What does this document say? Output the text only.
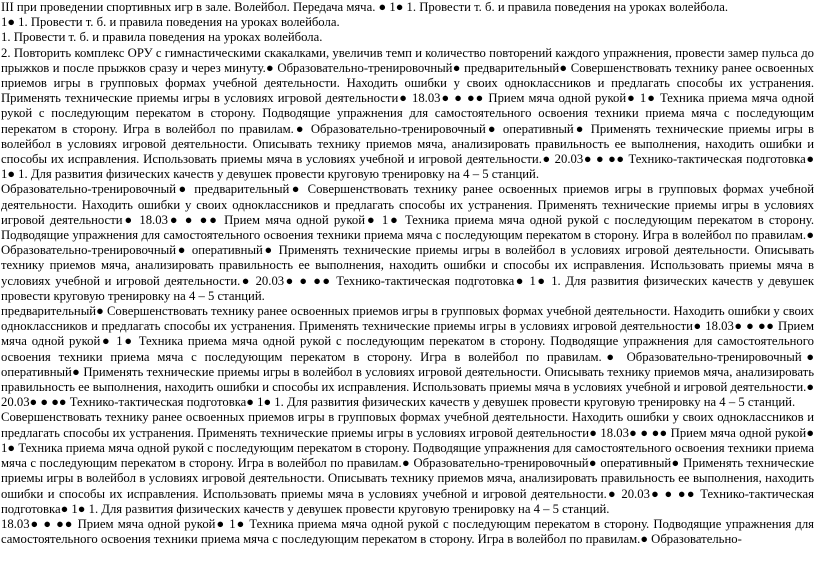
ІІІ при проведении спортивных игр в зале. Волейбол. Передача мяча. ● 1● 1. Провести т. б. и правила поведения на уроках волейбола.

1● 1. Провести т. б. и правила поведения на уроках волейбола.

1. Провести т. б. и правила поведения на уроках волейбола.

2. Повторить комплекс ОРУ с гимнастическими скакалками, увеличив темп и количество повторений каждого упражнения, провести замер пульса до прыжков и после прыжков сразу и через минуту.● Образовательно-тренировочный● предварительный● Совершенствовать технику ранее освоенных приемов игры в групповых формах учебной деятельности. Находить ошибки у своих одноклассников и предлагать способы их устранения. Применять технические приемы игры в условиях игровой деятельности● 18.03● ● ●● Прием мяча одной рукой● 1● Техника приема мяча одной рукой с последующим перекатом в сторону. Подводящие упражнения для самостоятельного освоения техники приема мяча с последующим перекатом в сторону. Игра в волейбол по правилам.● Образовательно-тренировочный● оперативный● Применять технические приемы игры в волейбол в условиях игровой деятельности. Описывать технику приемов мяча, анализировать правильность ее выполнения, находить ошибки и способы их исправления. Использовать приемы мяча в условиях учебной и игровой деятельности.● 20.03● ● ●● Технико-тактическая подготовка● 1● 1. Для развития физических качеств у девушек провести круговую тренировку на 4 – 5 станций.

Образовательно-тренировочный● предварительный● Совершенствовать технику ранее освоенных приемов игры в групповых формах учебной деятельности. Находить ошибки у своих одноклассников и предлагать способы их устранения. Применять технические приемы игры в условиях игровой деятельности● 18.03● ● ●● Прием мяча одной рукой● 1● Техника приема мяча одной рукой с последующим перекатом в сторону. Подводящие упражнения для самостоятельного освоения техники приема мяча с последующим перекатом в сторону. Игра в волейбол по правилам.● Образовательно-тренировочный● оперативный● Применять технические приемы игры в волейбол в условиях игровой деятельности. Описывать технику приемов мяча, анализировать правильность ее выполнения, находить ошибки и способы их исправления. Использовать приемы мяча в условиях учебной и игровой деятельности.● 20.03● ● ●● Технико-тактическая подготовка● 1● 1. Для развития физических качеств у девушек провести круговую тренировку на 4 – 5 станций.

предварительный● Совершенствовать технику ранее освоенных приемов игры в групповых формах учебной деятельности. Находить ошибки у своих одноклассников и предлагать способы их устранения. Применять технические приемы игры в условиях игровой деятельности● 18.03● ● ●● Прием мяча одной рукой● 1● Техника приема мяча одной рукой с последующим перекатом в сторону. Подводящие упражнения для самостоятельного освоения техники приема мяча с последующим перекатом в сторону. Игра в волейбол по правилам.● Образовательно-тренировочный● оперативный● Применять технические приемы игры в волейбол в условиях игровой деятельности. Описывать технику приемов мяча, анализировать правильность ее выполнения, находить ошибки и способы их исправления. Использовать приемы мяча в условиях учебной и игровой деятельности.● 20.03● ● ●● Технико-тактическая подготовка● 1● 1. Для развития физических качеств у девушек провести круговую тренировку на 4 – 5 станций.

Совершенствовать технику ранее освоенных приемов игры в групповых формах учебной деятельности. Находить ошибки у своих одноклассников и предлагать способы их устранения. Применять технические приемы игры в условиях игровой деятельности● 18.03● ● ●● Прием мяча одной рукой● 1● Техника приема мяча одной рукой с последующим перекатом в сторону. Подводящие упражнения для самостоятельного освоения техники приема мяча с последующим перекатом в сторону. Игра в волейбол по правилам.● Образовательно-тренировочный● оперативный● Применять технические приемы игры в волейбол в условиях игровой деятельности. Описывать технику приемов мяча, анализировать правильность ее выполнения, находить ошибки и способы их исправления. Использовать приемы мяча в условиях учебной и игровой деятельности.● 20.03● ● ●● Технико-тактическая подготовка● 1● 1. Для развития физических качеств у девушек провести круговую тренировку на 4 – 5 станций.

18.03● ● ●● Прием мяча одной рукой● 1● Техника приема мяча одной рукой с последующим перекатом в сторону. Подводящие упражнения для самостоятельного освоения техники приема мяча с последующим перекатом в сторону. Игра в волейбол по правилам.● Образовательно-
